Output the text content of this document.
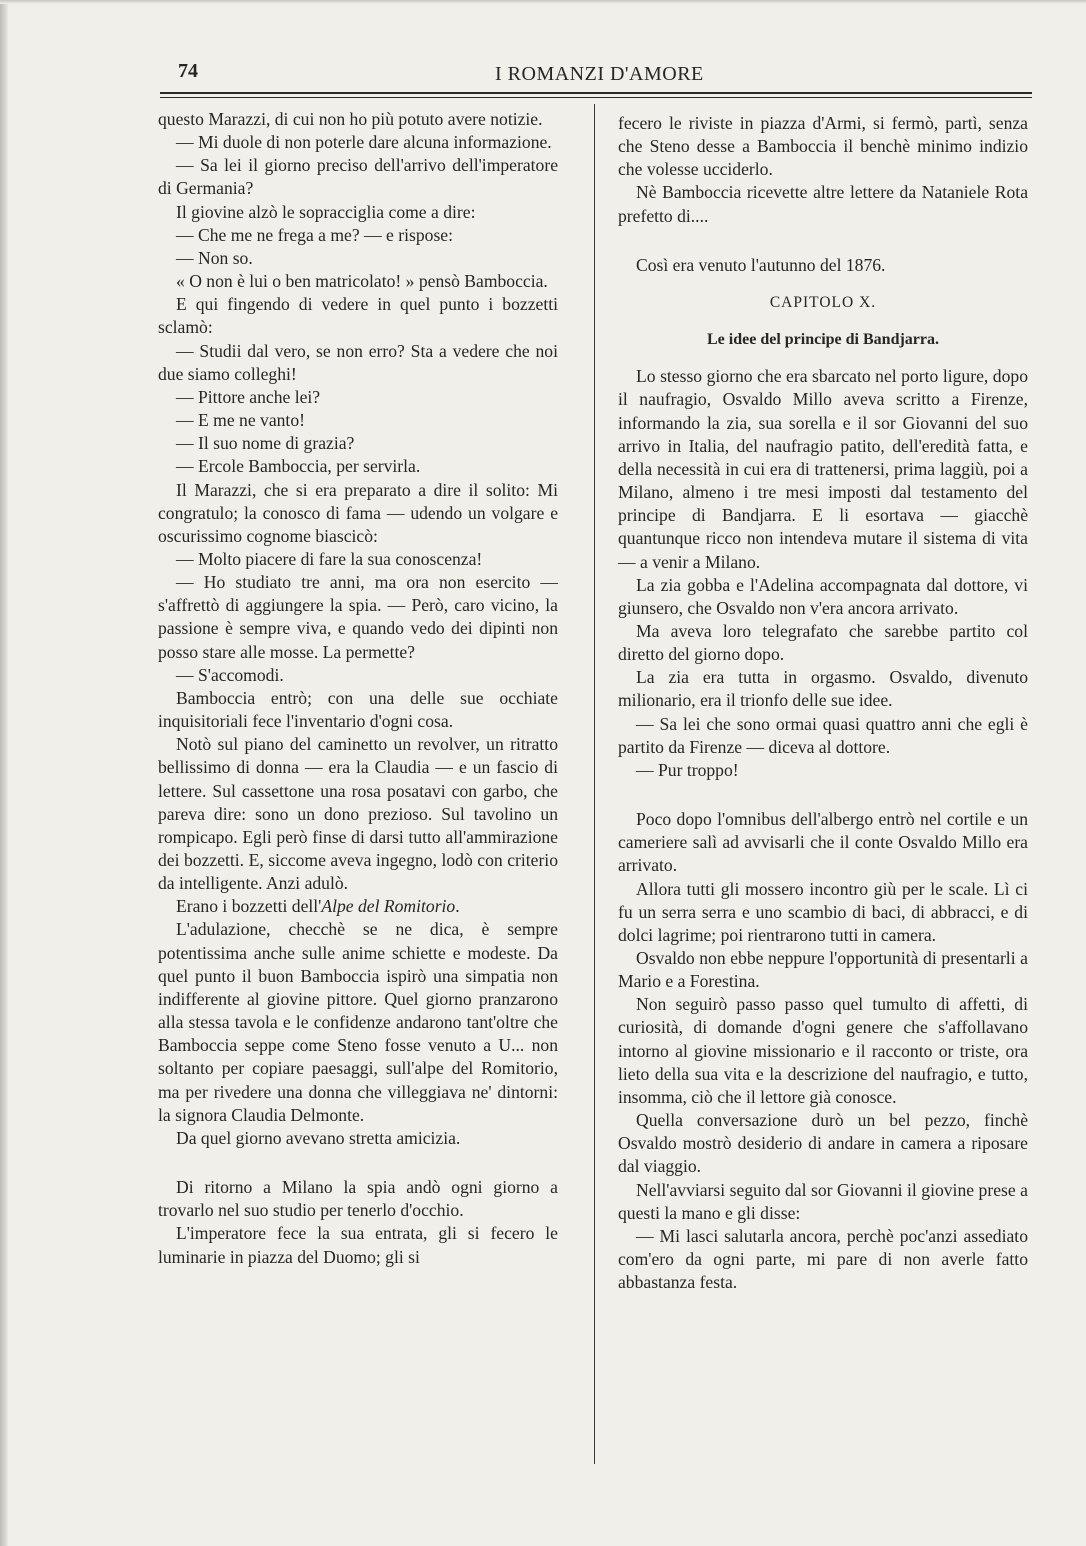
74	I ROMANZI D'AMORE

questo Marazzi, di cui non ho più potuto avere notizie.

— Mi duole di non poterle dare alcuna informazione.

— Sa lei il giorno preciso dell'arrivo dell'imperatore di Germania?

Il giovine alzò le sopracciglia come a dire:

— Che me ne frega a me? — e rispose:

— Non so.

« O non è lui o ben matricolato! » pensò Bamboccia.

E qui fingendo di vedere in quel punto i bozzetti sclamò:

— Studii dal vero, se non erro? Sta a vedere che noi due siamo colleghi!

— Pittore anche lei?

— E me ne vanto!

— Il suo nome di grazia?

— Ercole Bamboccia, per servirla.

Il Marazzi, che si era preparato a dire il solito: Mi congratulo; la conosco di fama — udendo un volgare e oscurissimo cognome biascicò:

— Molto piacere di fare la sua conoscenza!

— Ho studiato tre anni, ma ora non esercito — s'affrettò di aggiungere la spia. — Però, caro vicino, la passione è sempre viva, e quando vedo dei dipinti non posso stare alle mosse. La permette?

— S'accomodi.

Bamboccia entrò; con una delle sue occhiate inquisitoriali fece l'inventario d'ogni cosa.

Notò sul piano del caminetto un revolver, un ritratto bellissimo di donna — era la Claudia — e un fascio di lettere. Sul cassettone una rosa posatavi con garbo, che pareva dire: sono un dono prezioso. Sul tavolino un rompicapo. Egli però finse di darsi tutto all'ammirazione dei bozzetti. E, siccome aveva ingegno, lodò con criterio da intelligente. Anzi adulò.

Erano i bozzetti dell'Alpe del Romitorio.

L'adulazione, checchè se ne dica, è sempre potentissima anche sulle anime schiette e modeste. Da quel punto il buon Bamboccia ispirò una simpatia non indifferente al giovine pittore. Quel giorno pranzarono alla stessa tavola e le confidenze andarono tant'oltre che Bamboccia seppe come Steno fosse venuto a U... non soltanto per copiare paesaggi, sull'alpe del Romitorio, ma per rivedere una donna che villeggiava ne' dintorni: la signora Claudia Delmonte.

Da quel giorno avevano stretta amicizia.

Di ritorno a Milano la spia andò ogni giorno a trovarlo nel suo studio per tenerlo d'occhio.

L'imperatore fece la sua entrata, gli si fecero le luminarie in piazza del Duomo; gli si

fecero le riviste in piazza d'Armi, si fermò, partì, senza che Steno desse a Bamboccia il benchè minimo indizio che volesse ucciderlo.

Nè Bamboccia ricevette altre lettere da Nataniele Rota prefetto di....

Così era venuto l'autunno del 1876.

CAPITOLO X.

Le idee del principe di Bandjarra.

Lo stesso giorno che era sbarcato nel porto ligure, dopo il naufragio, Osvaldo Millo aveva scritto a Firenze, informando la zia, sua sorella e il sor Giovanni del suo arrivo in Italia, del naufragio patito, dell'eredità fatta, e della necessità in cui era di trattenersi, prima laggiù, poi a Milano, almeno i tre mesi imposti dal testamento del principe di Bandjarra. E li esortava — giacchè quantunque ricco non intendeva mutare il sistema di vita — a venir a Milano.

La zia gobba e l'Adelina accompagnata dal dottore, vi giunsero, che Osvaldo non v'era ancora arrivato.

Ma aveva loro telegrafato che sarebbe partito col diretto del giorno dopo.

La zia era tutta in orgasmo. Osvaldo, divenuto milionario, era il trionfo delle sue idee.

— Sa lei che sono ormai quasi quattro anni che egli è partito da Firenze — diceva al dottore.

— Pur troppo!

Poco dopo l'omnibus dell'albergo entrò nel cortile e un cameriere salì ad avvisarli che il conte Osvaldo Millo era arrivato.

Allora tutti gli mossero incontro giù per le scale. Lì ci fu un serra serra e uno scambio di baci, di abbracci, e di dolci lagrime; poi rientrarono tutti in camera.

Osvaldo non ebbe neppure l'opportunità di presentarli a Mario e a Forestina.

Non seguirò passo passo quel tumulto di affetti, di curiosità, di domande d'ogni genere che s'affollavano intorno al giovine missionario e il racconto or triste, ora lieto della sua vita e la descrizione del naufragio, e tutto, insomma, ciò che il lettore già conosce.

Quella conversazione durò un bel pezzo, finchè Osvaldo mostrò desiderio di andare in camera a riposare dal viaggio.

Nell'avviarsi seguito dal sor Giovanni il giovine prese a questi la mano e gli disse:

— Mi lasci salutarla ancora, perchè poc'anzi assediato com'ero da ogni parte, mi pare di non averle fatto abbastanza festa.
